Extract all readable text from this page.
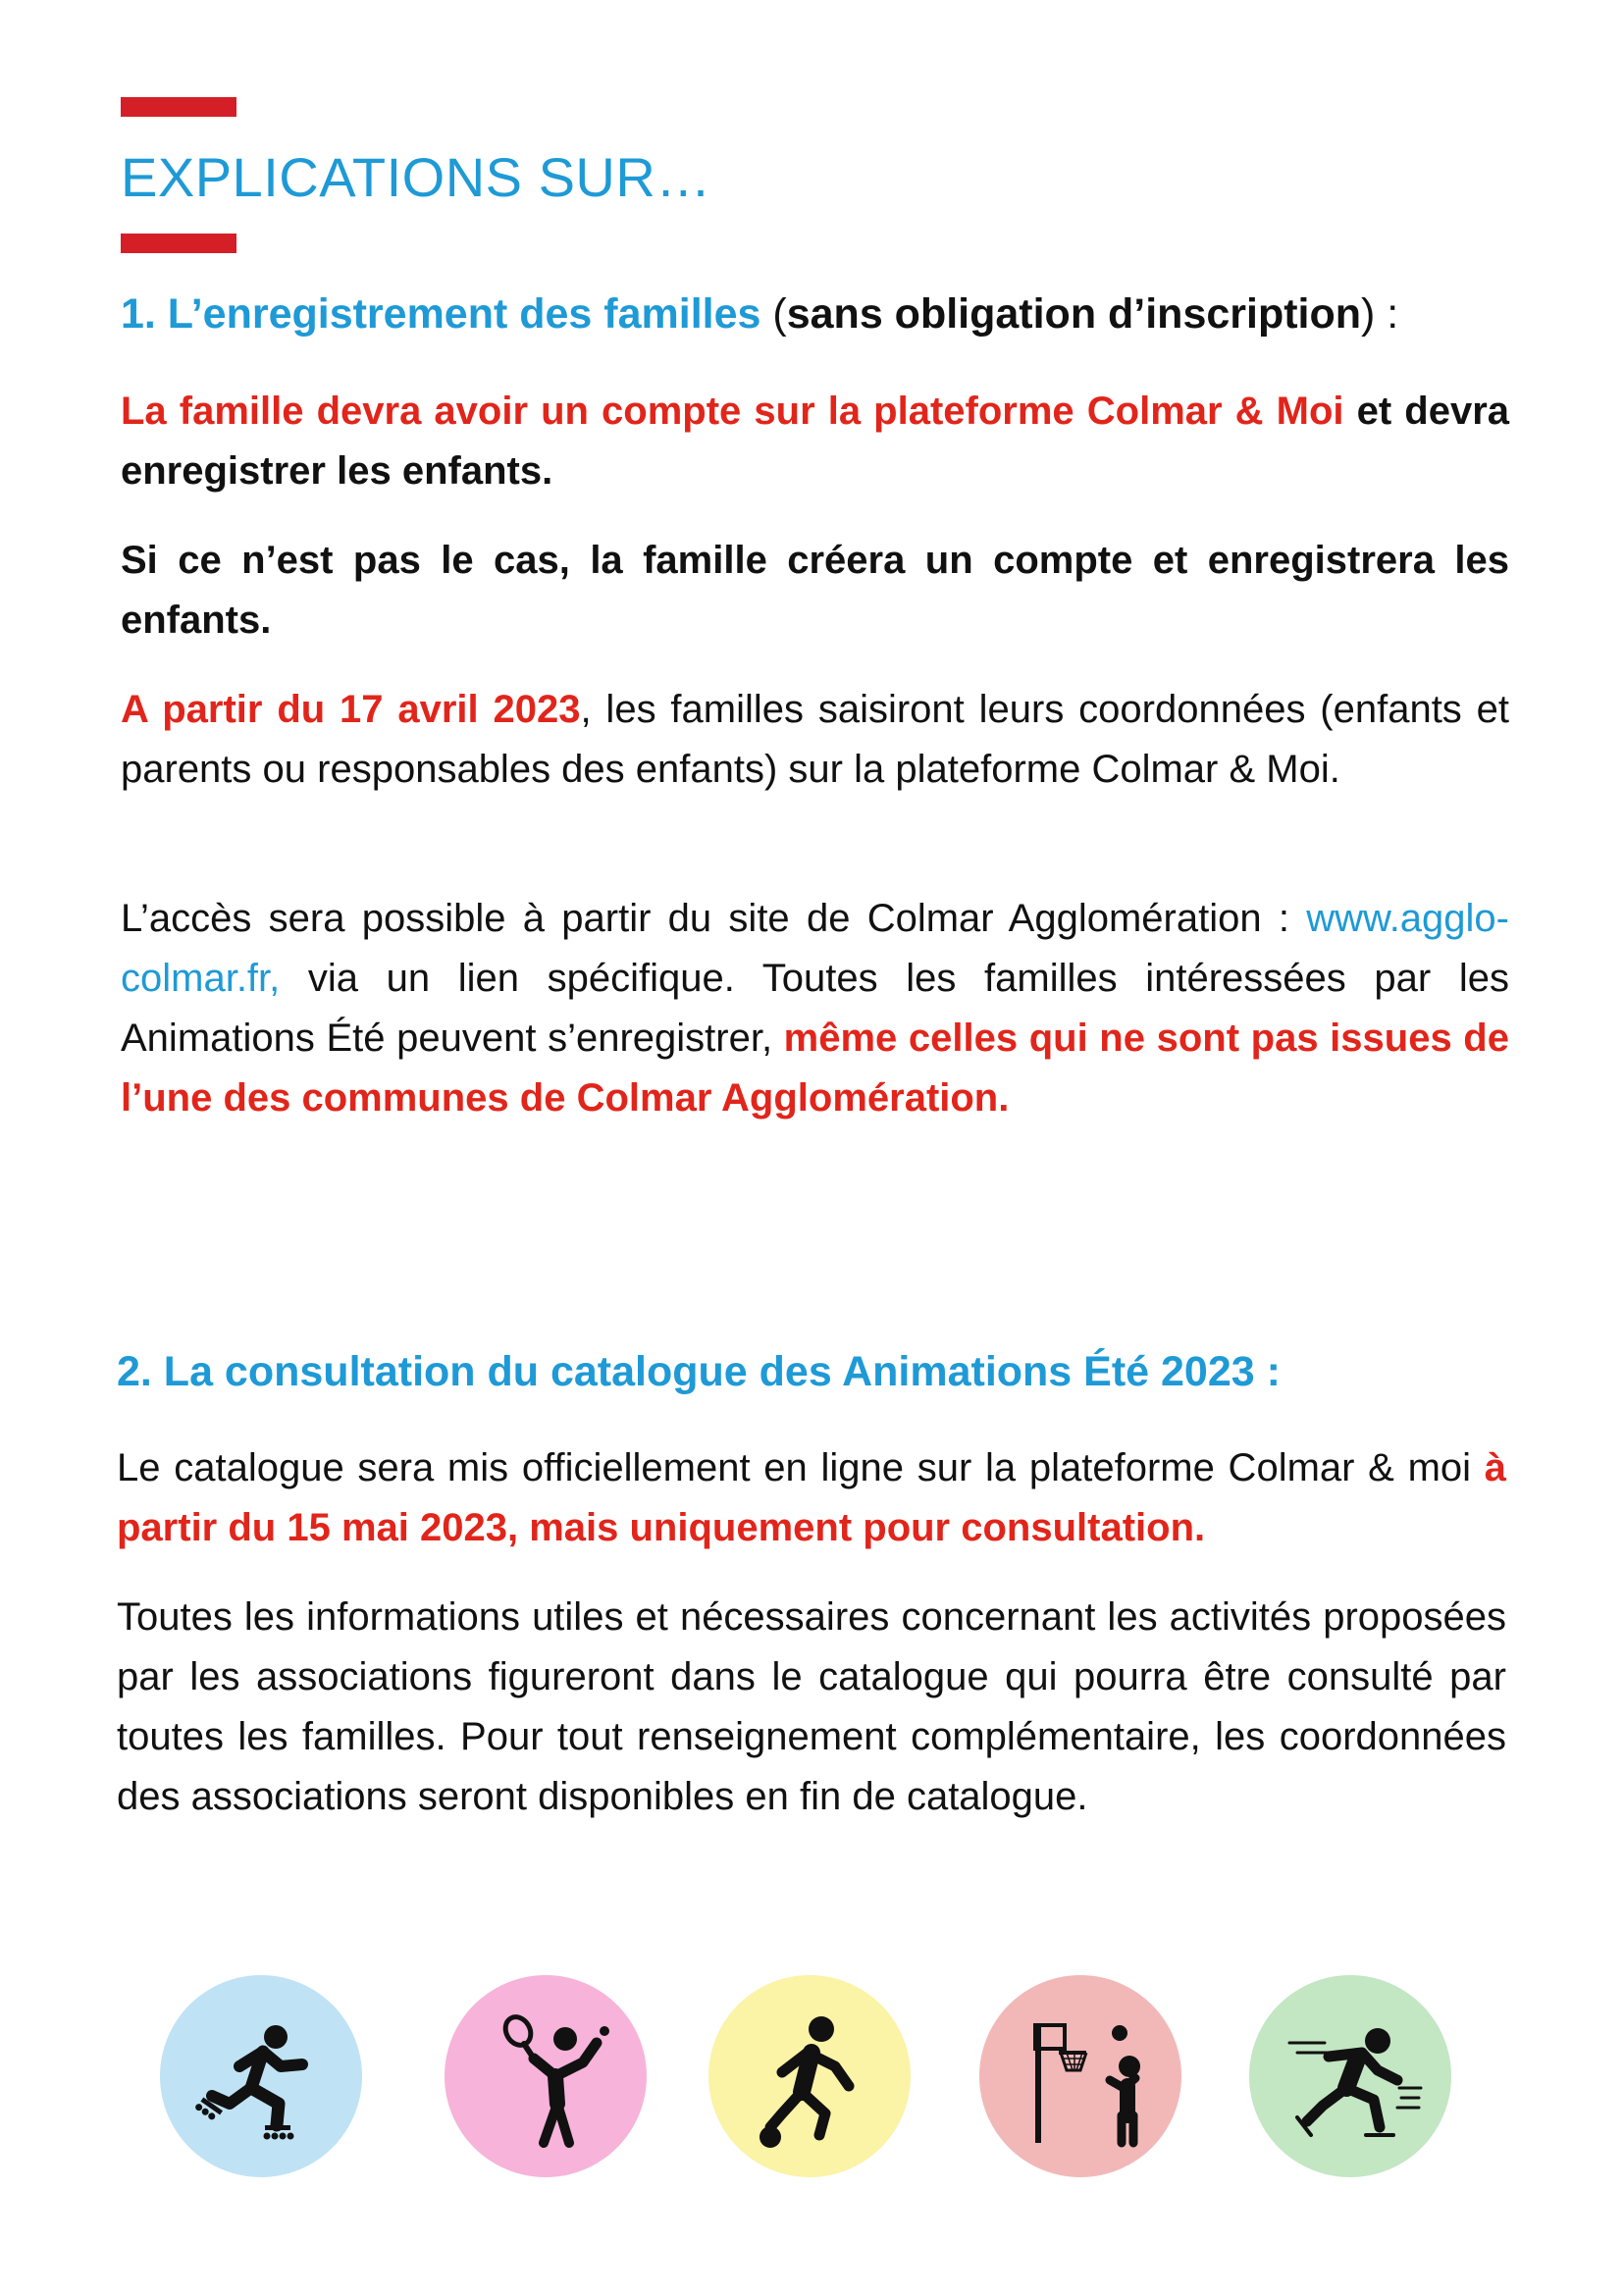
EXPLICATIONS SUR…
1. L’enregistrement des familles (sans obligation d’inscription) :

La famille devra avoir un compte sur la plateforme Colmar & Moi et devra enregistrer les enfants.

Si ce n’est pas le cas, la famille créera un compte et enregistrera les enfants.

A partir du 17 avril 2023, les familles saisiront leurs coordonnées (enfants et parents ou responsables des enfants) sur la plateforme Colmar & Moi.

L’accès sera possible à partir du site de Colmar Agglomération : www.agglo-colmar.fr, via un lien spécifique. Toutes les familles intéressées par les Animations Été peuvent s’enregistrer, même celles qui ne sont pas issues de l’une des communes de Colmar Agglomération.

2. La consultation du catalogue des Animations Été 2023 :

Le catalogue sera mis officiellement en ligne sur la plateforme Colmar & moi à partir du 15 mai 2023, mais uniquement pour consultation.

Toutes les informations utiles et nécessaires concernant les activités proposées par les associations figureront dans le catalogue qui pourra être consulté par toutes les familles. Pour tout renseignement complémentaire, les coordonnées des associations seront disponibles en fin de catalogue.
